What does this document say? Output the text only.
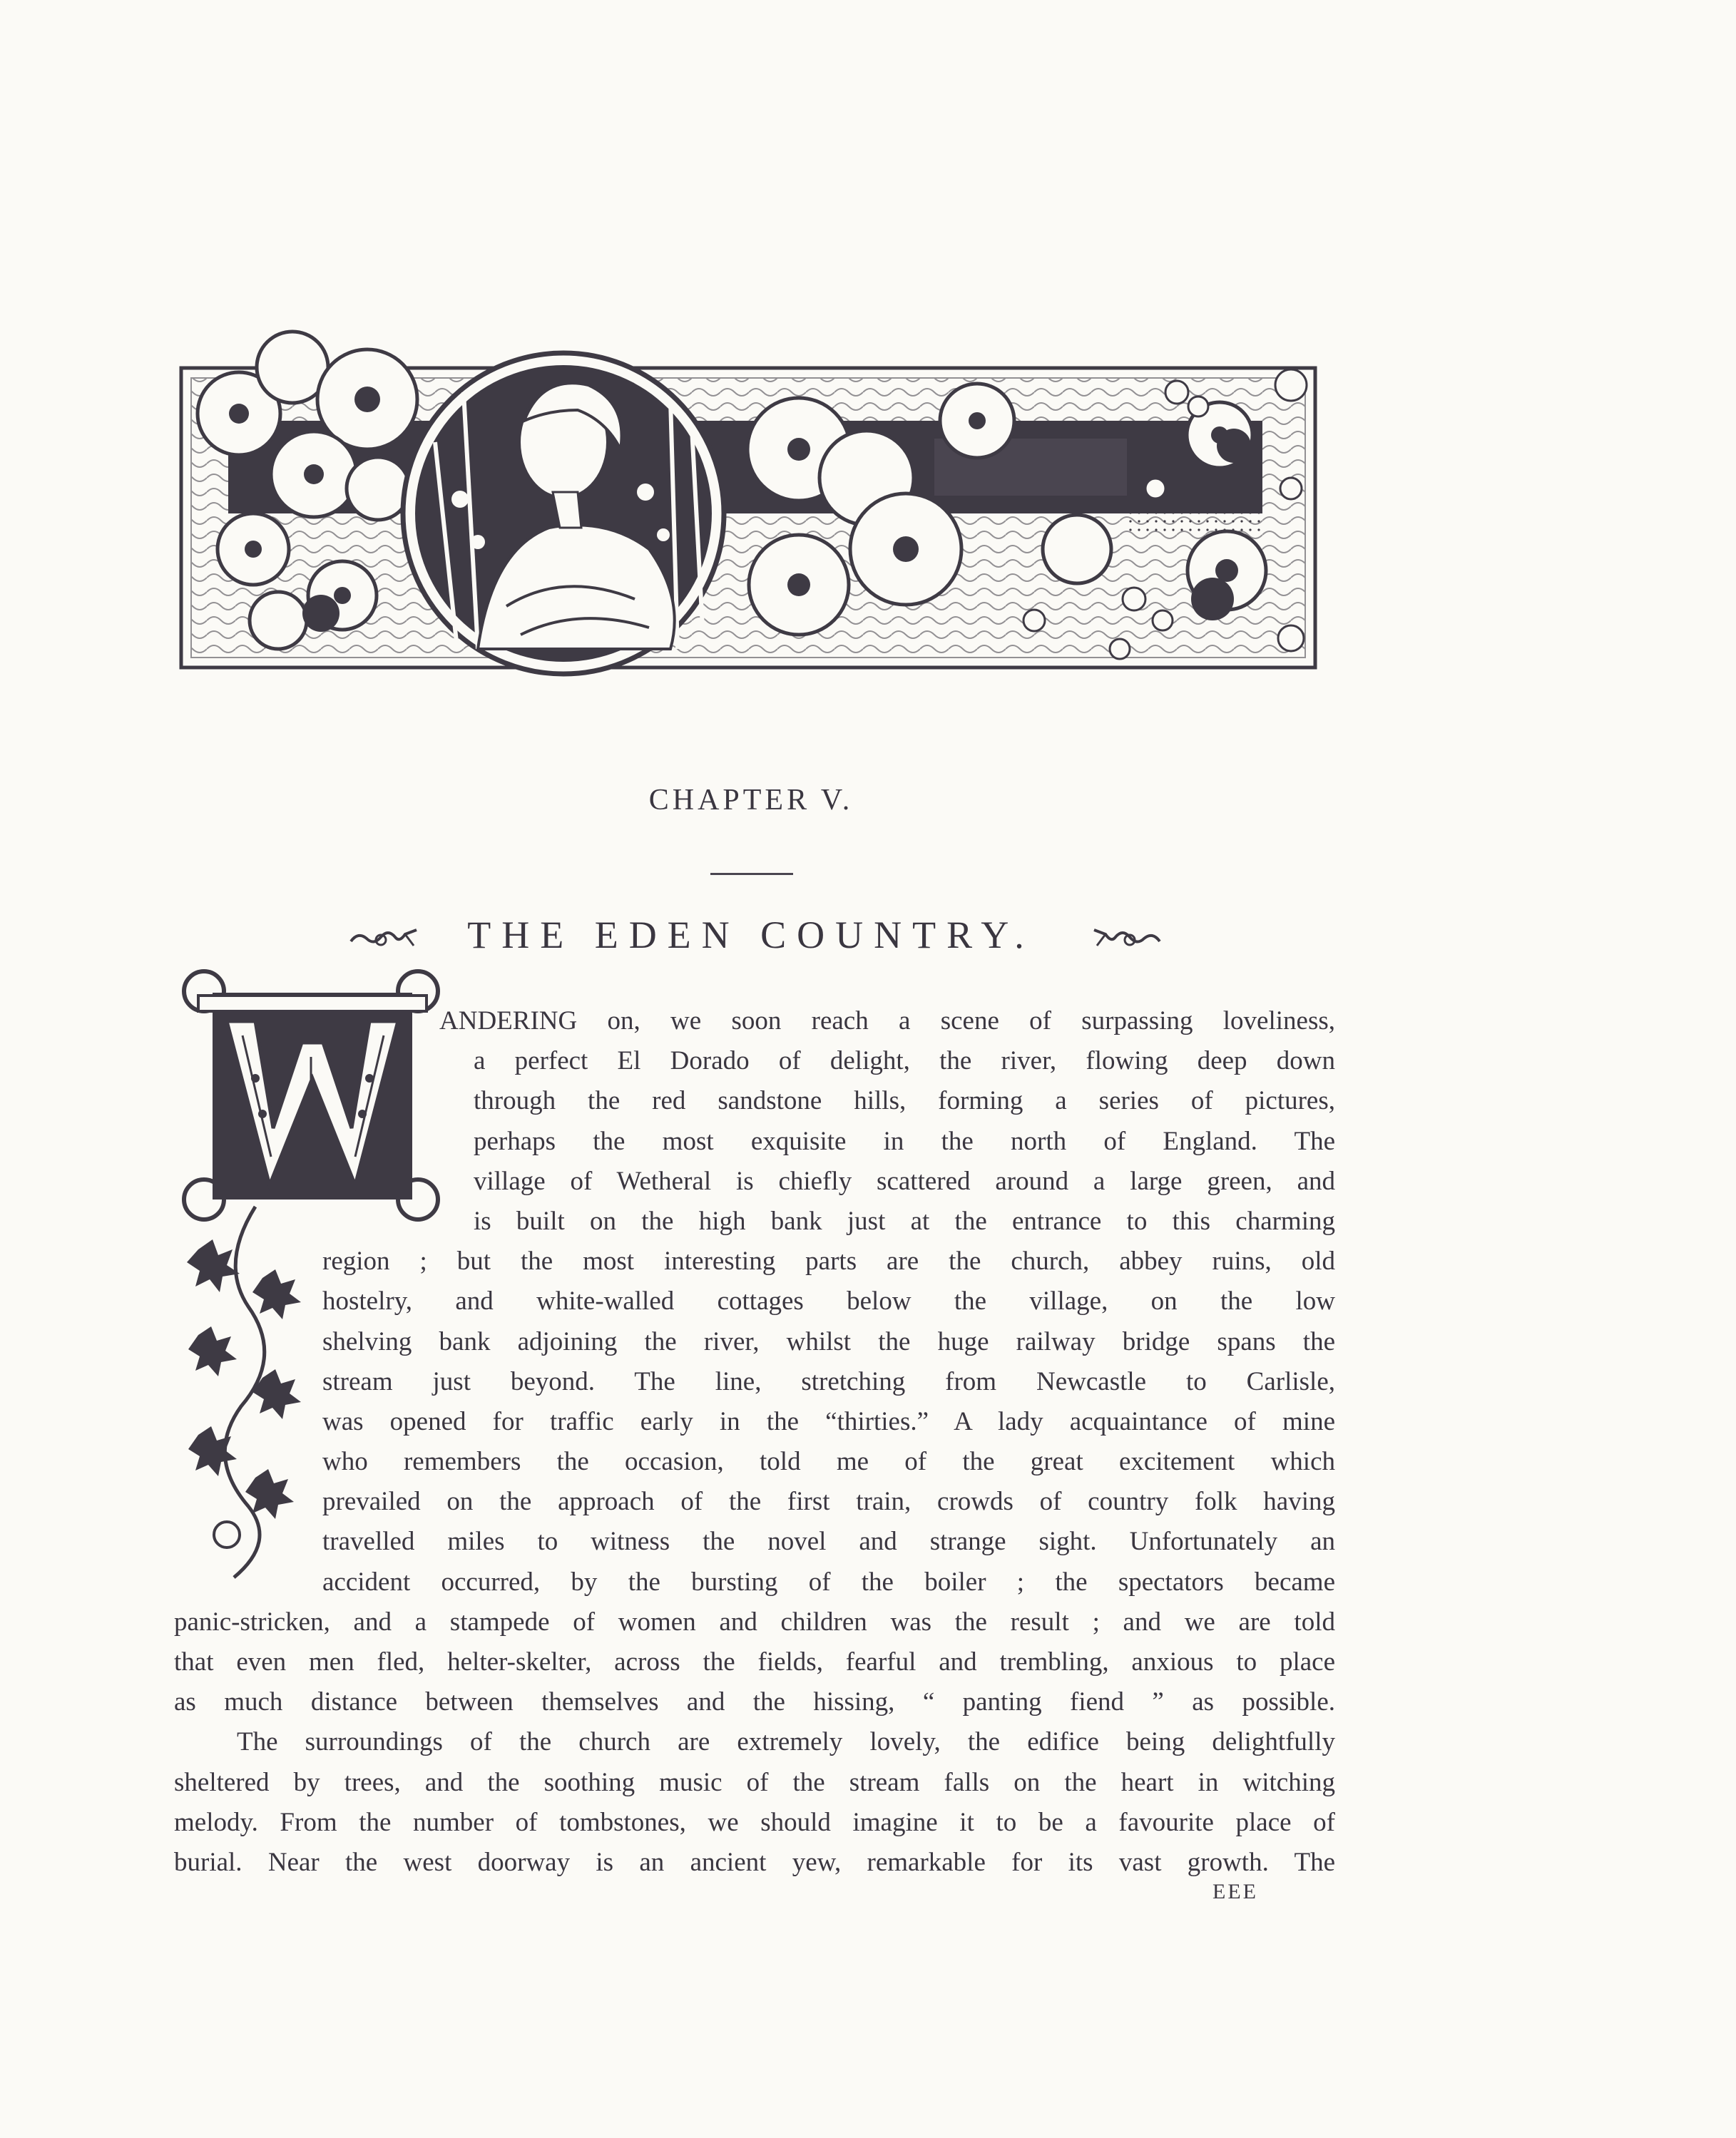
CHAPTER V.
THE EDEN COUNTRY.
ANDERING on, we soon reach a scene of surpassing loveliness,
a perfect El Dorado of delight, the river, flowing deep down
through the red sandstone hills, forming a series of pictures,
perhaps the most exquisite in the north of England. The
village of Wetheral is chiefly scattered around a large green, and
is built on the high bank just at the entrance to this charming
region ; but the most interesting parts are the church, abbey ruins, old
hostelry, and white-walled cottages below the village, on the low
shelving bank adjoining the river, whilst the huge railway bridge spans the
stream just beyond. The line, stretching from Newcastle to Carlisle,
was opened for traffic early in the “thirties.” A lady acquaintance of mine
who remembers the occasion, told me of the great excitement which
prevailed on the approach of the first train, crowds of country folk having
travelled miles to witness the novel and strange sight. Unfortunately an
accident occurred, by the bursting of the boiler ; the spectators became
panic-stricken, and a stampede of women and children was the result ; and we are told
that even men fled, helter-skelter, across the fields, fearful and trembling, anxious to place
as much distance between themselves and the hissing, “ panting fiend ” as possible.
The surroundings of the church are extremely lovely, the edifice being delightfully
sheltered by trees, and the soothing music of the stream falls on the heart in witching
melody. From the number of tombstones, we should imagine it to be a favourite place of
burial. Near the west doorway is an ancient yew, remarkable for its vast growth. The
EEE
